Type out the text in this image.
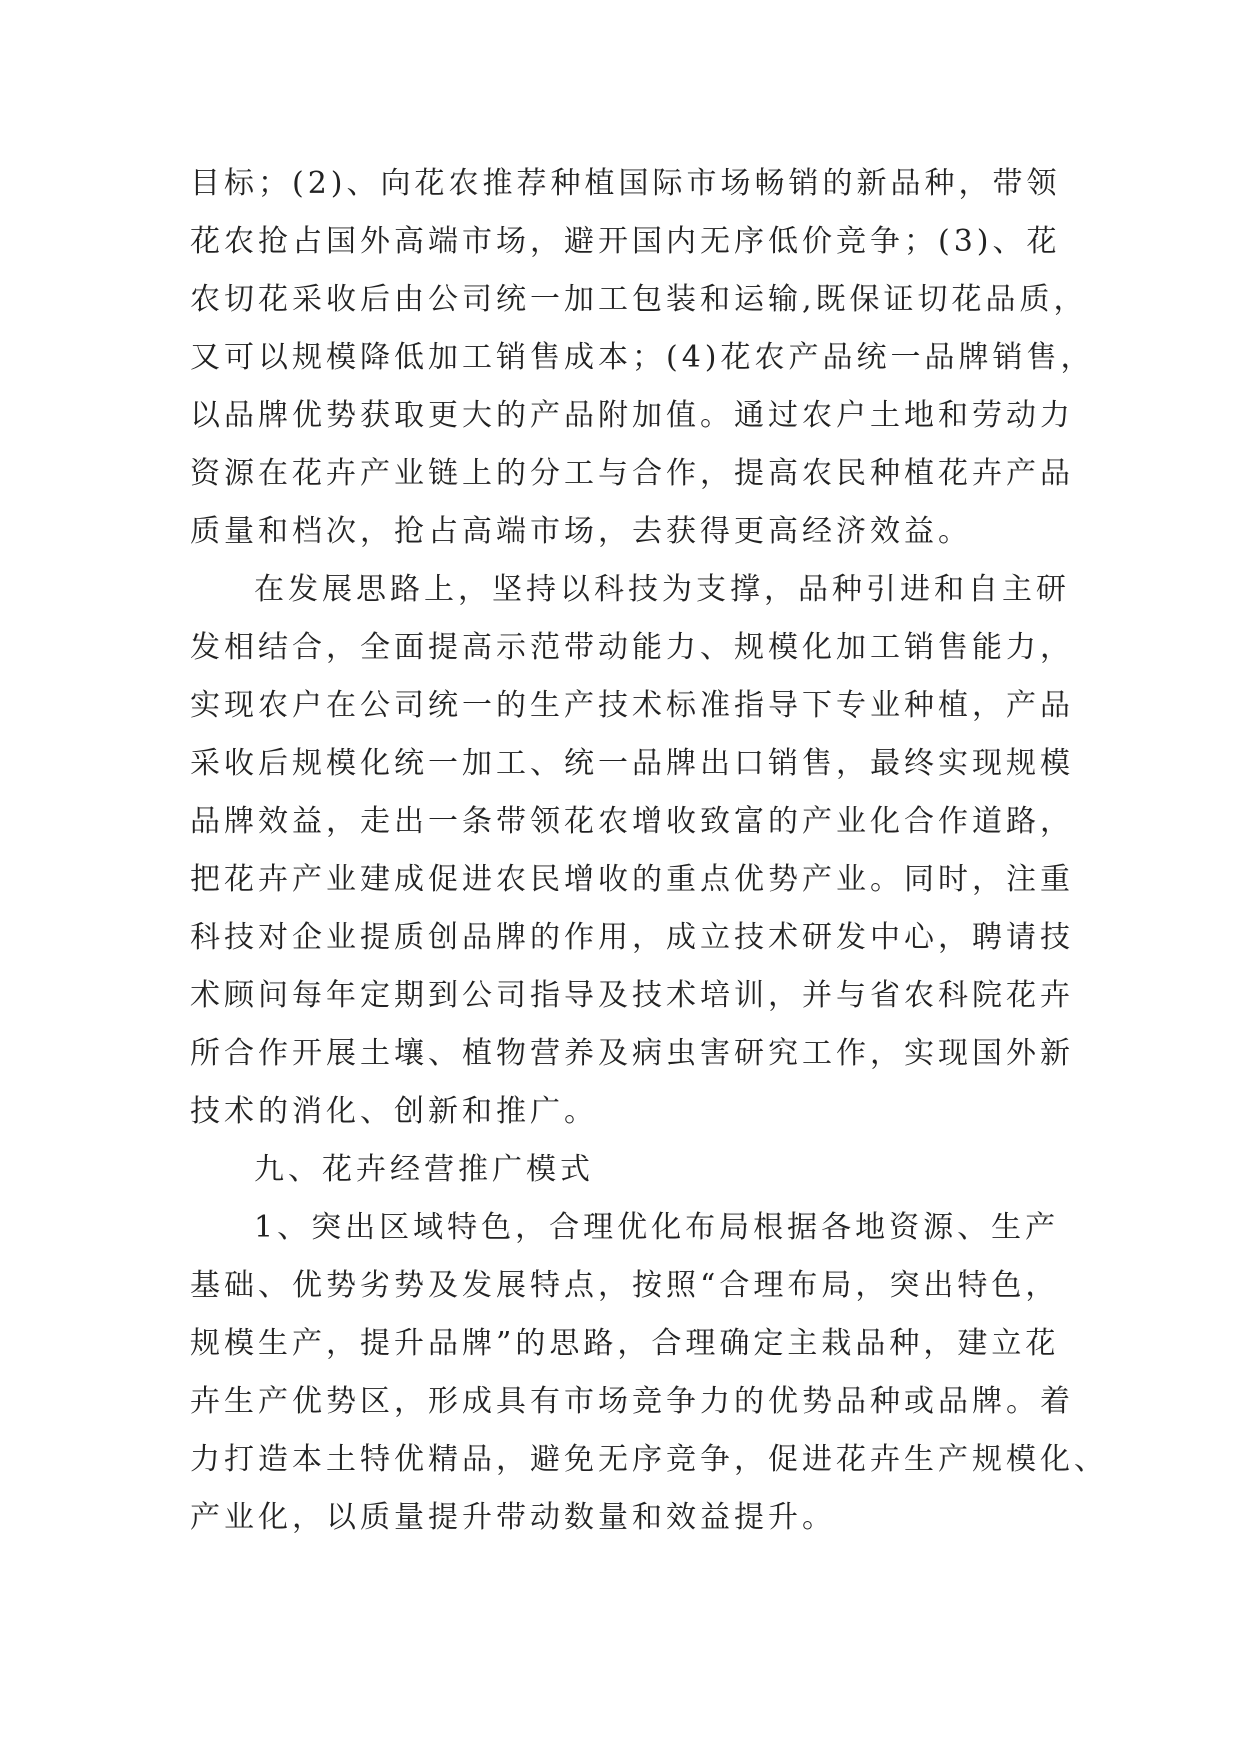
目标；(2)、向花农推荐种植国际市场畅销的新品种，带领
花农抢占国外高端市场，避开国内无序低价竞争；(3)、花
农切花采收后由公司统一加工包装和运输,既保证切花品质，
又可以规模降低加工销售成本；(4)花农产品统一品牌销售，
以品牌优势获取更大的产品附加值。通过农户土地和劳动力
资源在花卉产业链上的分工与合作，提高农民种植花卉产品
质量和档次，抢占高端市场，去获得更高经济效益。

在发展思路上，坚持以科技为支撑，品种引进和自主研
发相结合，全面提高示范带动能力、规模化加工销售能力，
实现农户在公司统一的生产技术标准指导下专业种植，产品
采收后规模化统一加工、统一品牌出口销售，最终实现规模
品牌效益，走出一条带领花农增收致富的产业化合作道路，
把花卉产业建成促进农民增收的重点优势产业。同时，注重
科技对企业提质创品牌的作用，成立技术研发中心，聘请技
术顾问每年定期到公司指导及技术培训，并与省农科院花卉
所合作开展土壤、植物营养及病虫害研究工作，实现国外新
技术的消化、创新和推广。

九、花卉经营推广模式

1、突出区域特色，合理优化布局根据各地资源、生产
基础、优势劣势及发展特点，按照“合理布局，突出特色，
规模生产，提升品牌”的思路，合理确定主栽品种，建立花
卉生产优势区，形成具有市场竞争力的优势品种或品牌。着
力打造本土特优精品，避免无序竞争，促进花卉生产规模化、
产业化，以质量提升带动数量和效益提升。
